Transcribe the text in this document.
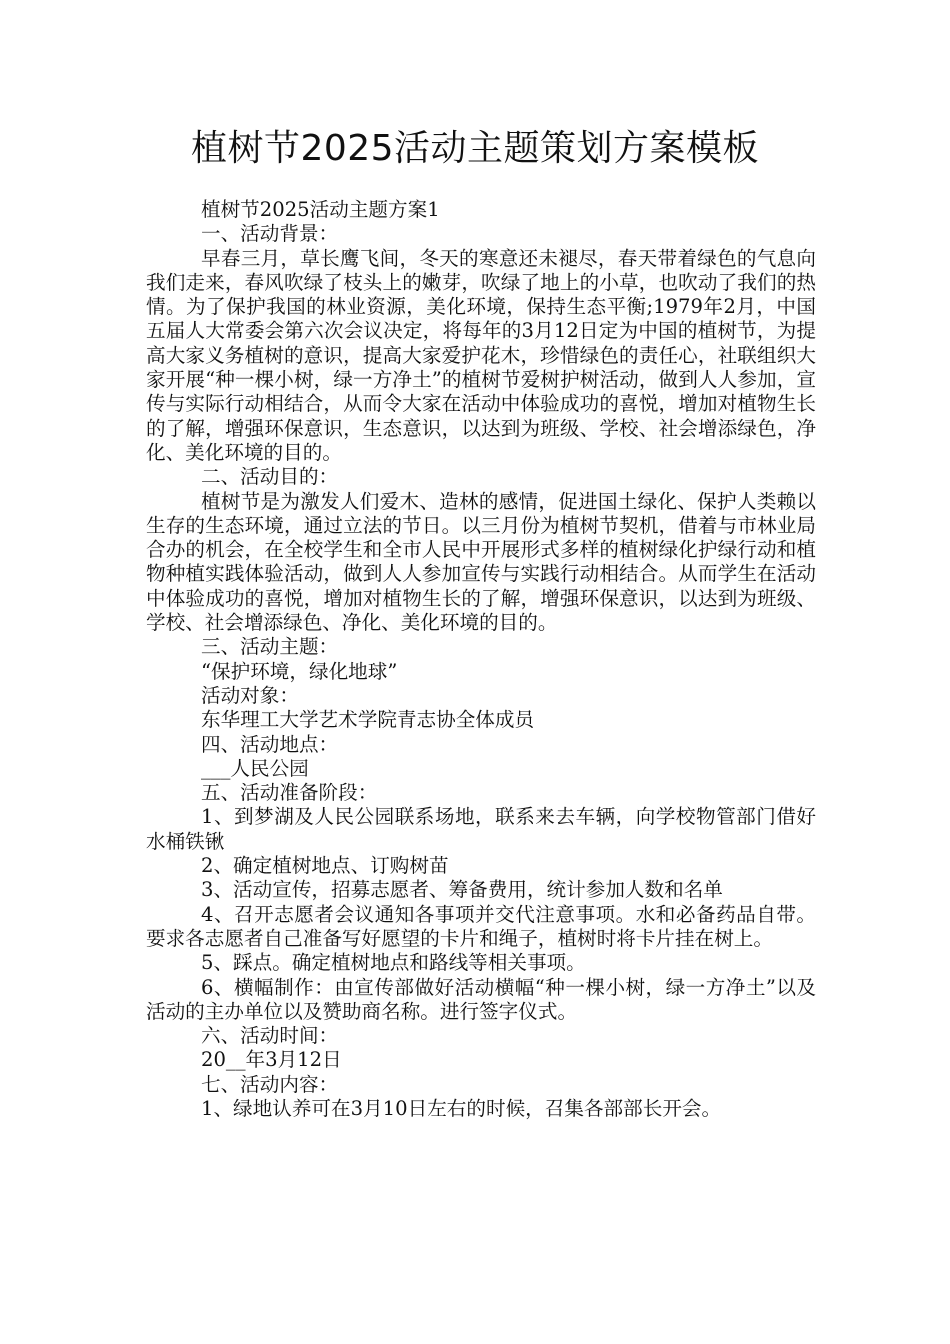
植树节2025活动主题策划方案模板

植树节2025活动主题方案1

一、活动背景：

早春三月，草长鹰飞间，冬天的寒意还未褪尽，春天带着绿色的气息向我们走来，春风吹绿了枝头上的嫩芽，吹绿了地上的小草，也吹动了我们的热情。为了保护我国的林业资源，美化环境，保持生态平衡;1979年2月，中国五届人大常委会第六次会议决定，将每年的3月12日定为中国的植树节，为提高大家义务植树的意识，提高大家爱护花木，珍惜绿色的责任心，社联组织大家开展“种一棵小树，绿一方净土”的植树节爱树护树活动，做到人人参加，宣传与实际行动相结合，从而令大家在活动中体验成功的喜悦，增加对植物生长的了解，增强环保意识，生态意识，以达到为班级、学校、社会增添绿色，净化、美化环境的目的。

二、活动目的：

植树节是为激发人们爱木、造林的感情，促进国土绿化、保护人类赖以生存的生态环境，通过立法的节日。以三月份为植树节契机，借着与市林业局合办的机会，在全校学生和全市人民中开展形式多样的植树绿化护绿行动和植物种植实践体验活动，做到人人参加宣传与实践行动相结合。从而学生在活动中体验成功的喜悦，增加对植物生长的了解，增强环保意识，以达到为班级、学校、社会增添绿色、净化、美化环境的目的。

三、活动主题：

“保护环境，绿化地球”

活动对象：

东华理工大学艺术学院青志协全体成员

四、活动地点：

___人民公园

五、活动准备阶段：

1、到梦湖及人民公园联系场地，联系来去车辆，向学校物管部门借好水桶铁锹

2、确定植树地点、订购树苗

3、活动宣传，招募志愿者、筹备费用，统计参加人数和名单

4、召开志愿者会议通知各事项并交代注意事项。水和必备药品自带。要求各志愿者自己准备写好愿望的卡片和绳子，植树时将卡片挂在树上。

5、踩点。确定植树地点和路线等相关事项。

6、横幅制作：由宣传部做好活动横幅“种一棵小树，绿一方净土”以及活动的主办单位以及赞助商名称。进行签字仪式。

六、活动时间：

20__年3月12日

七、活动内容：

1、绿地认养可在3月10日左右的时候，召集各部部长开会。
